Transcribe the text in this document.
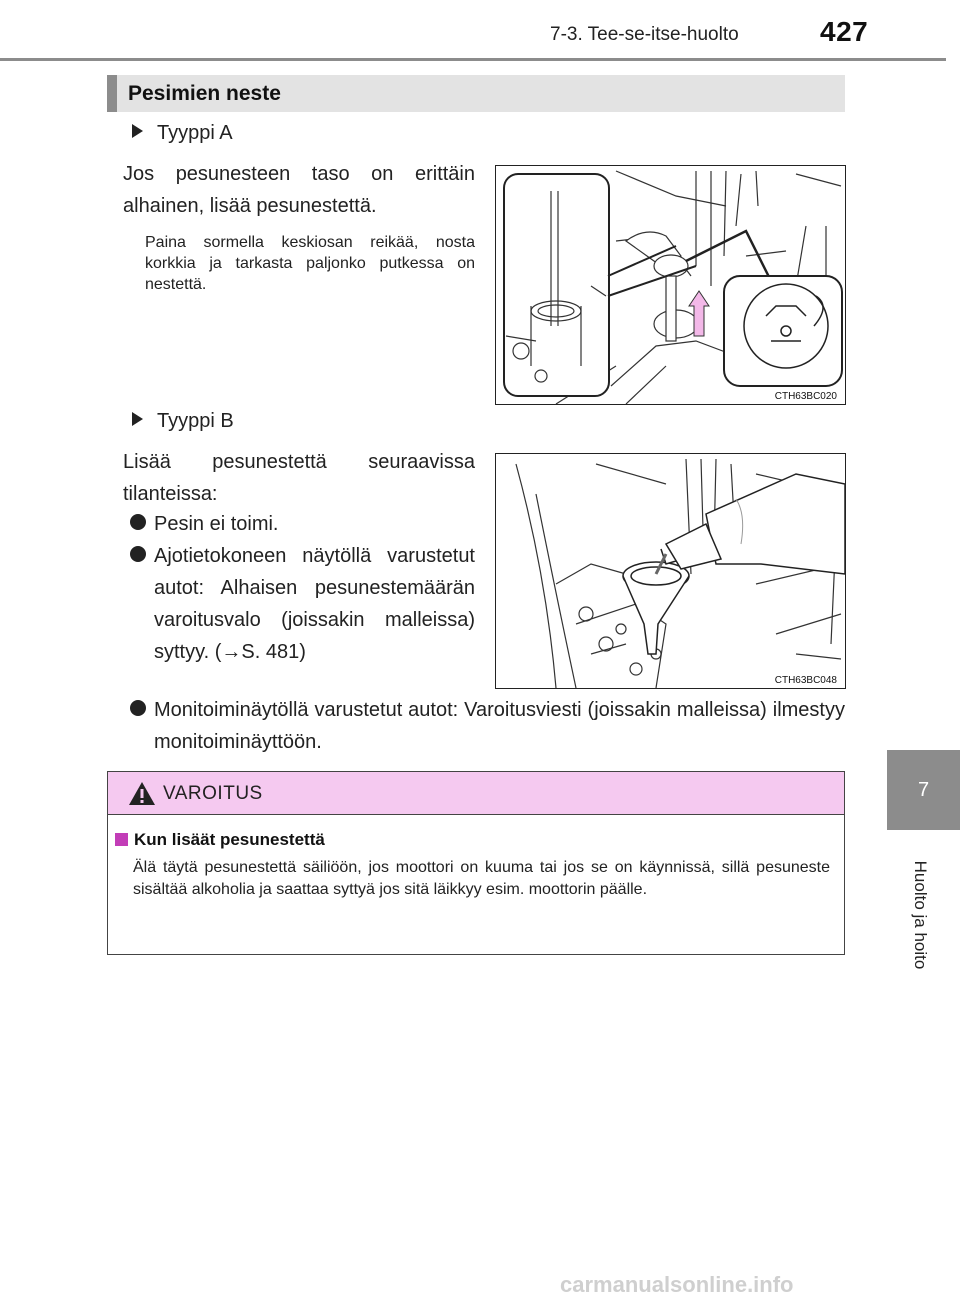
7-3. Tee-se-itse-huolto	427
7
Huolto ja hoito
Pesimien neste
Tyyppi A
Jos pesunesteen taso on erittäin alhainen, lisää pesunestettä.
Paina sormella keskiosan reikää, nosta korkkia ja tarkasta paljonko putkessa on nestettä.
CTH63BC020
Tyyppi B
Lisää pesunestettä seuraavissa tilanteissa:
Pesin ei toimi.
Ajotietokoneen näytöllä varustetut autot: Alhaisen pesunestemäärän varoitusvalo (joissakin malleissa) syttyy. (→S. 481)
Monitoiminäytöllä varustetut autot: Varoitusviesti (joissakin malleissa) ilmestyy monitoiminäyttöön.
CTH63BC048
VAROITUS
Kun lisäät pesunestettä
Älä täytä pesunestettä säiliöön, jos moottori on kuuma tai jos se on käynnissä, sillä pesuneste sisältää alkoholia ja saattaa syttyä jos sitä läikkyy esim. moottorin päälle.
carmanualsonline.info
